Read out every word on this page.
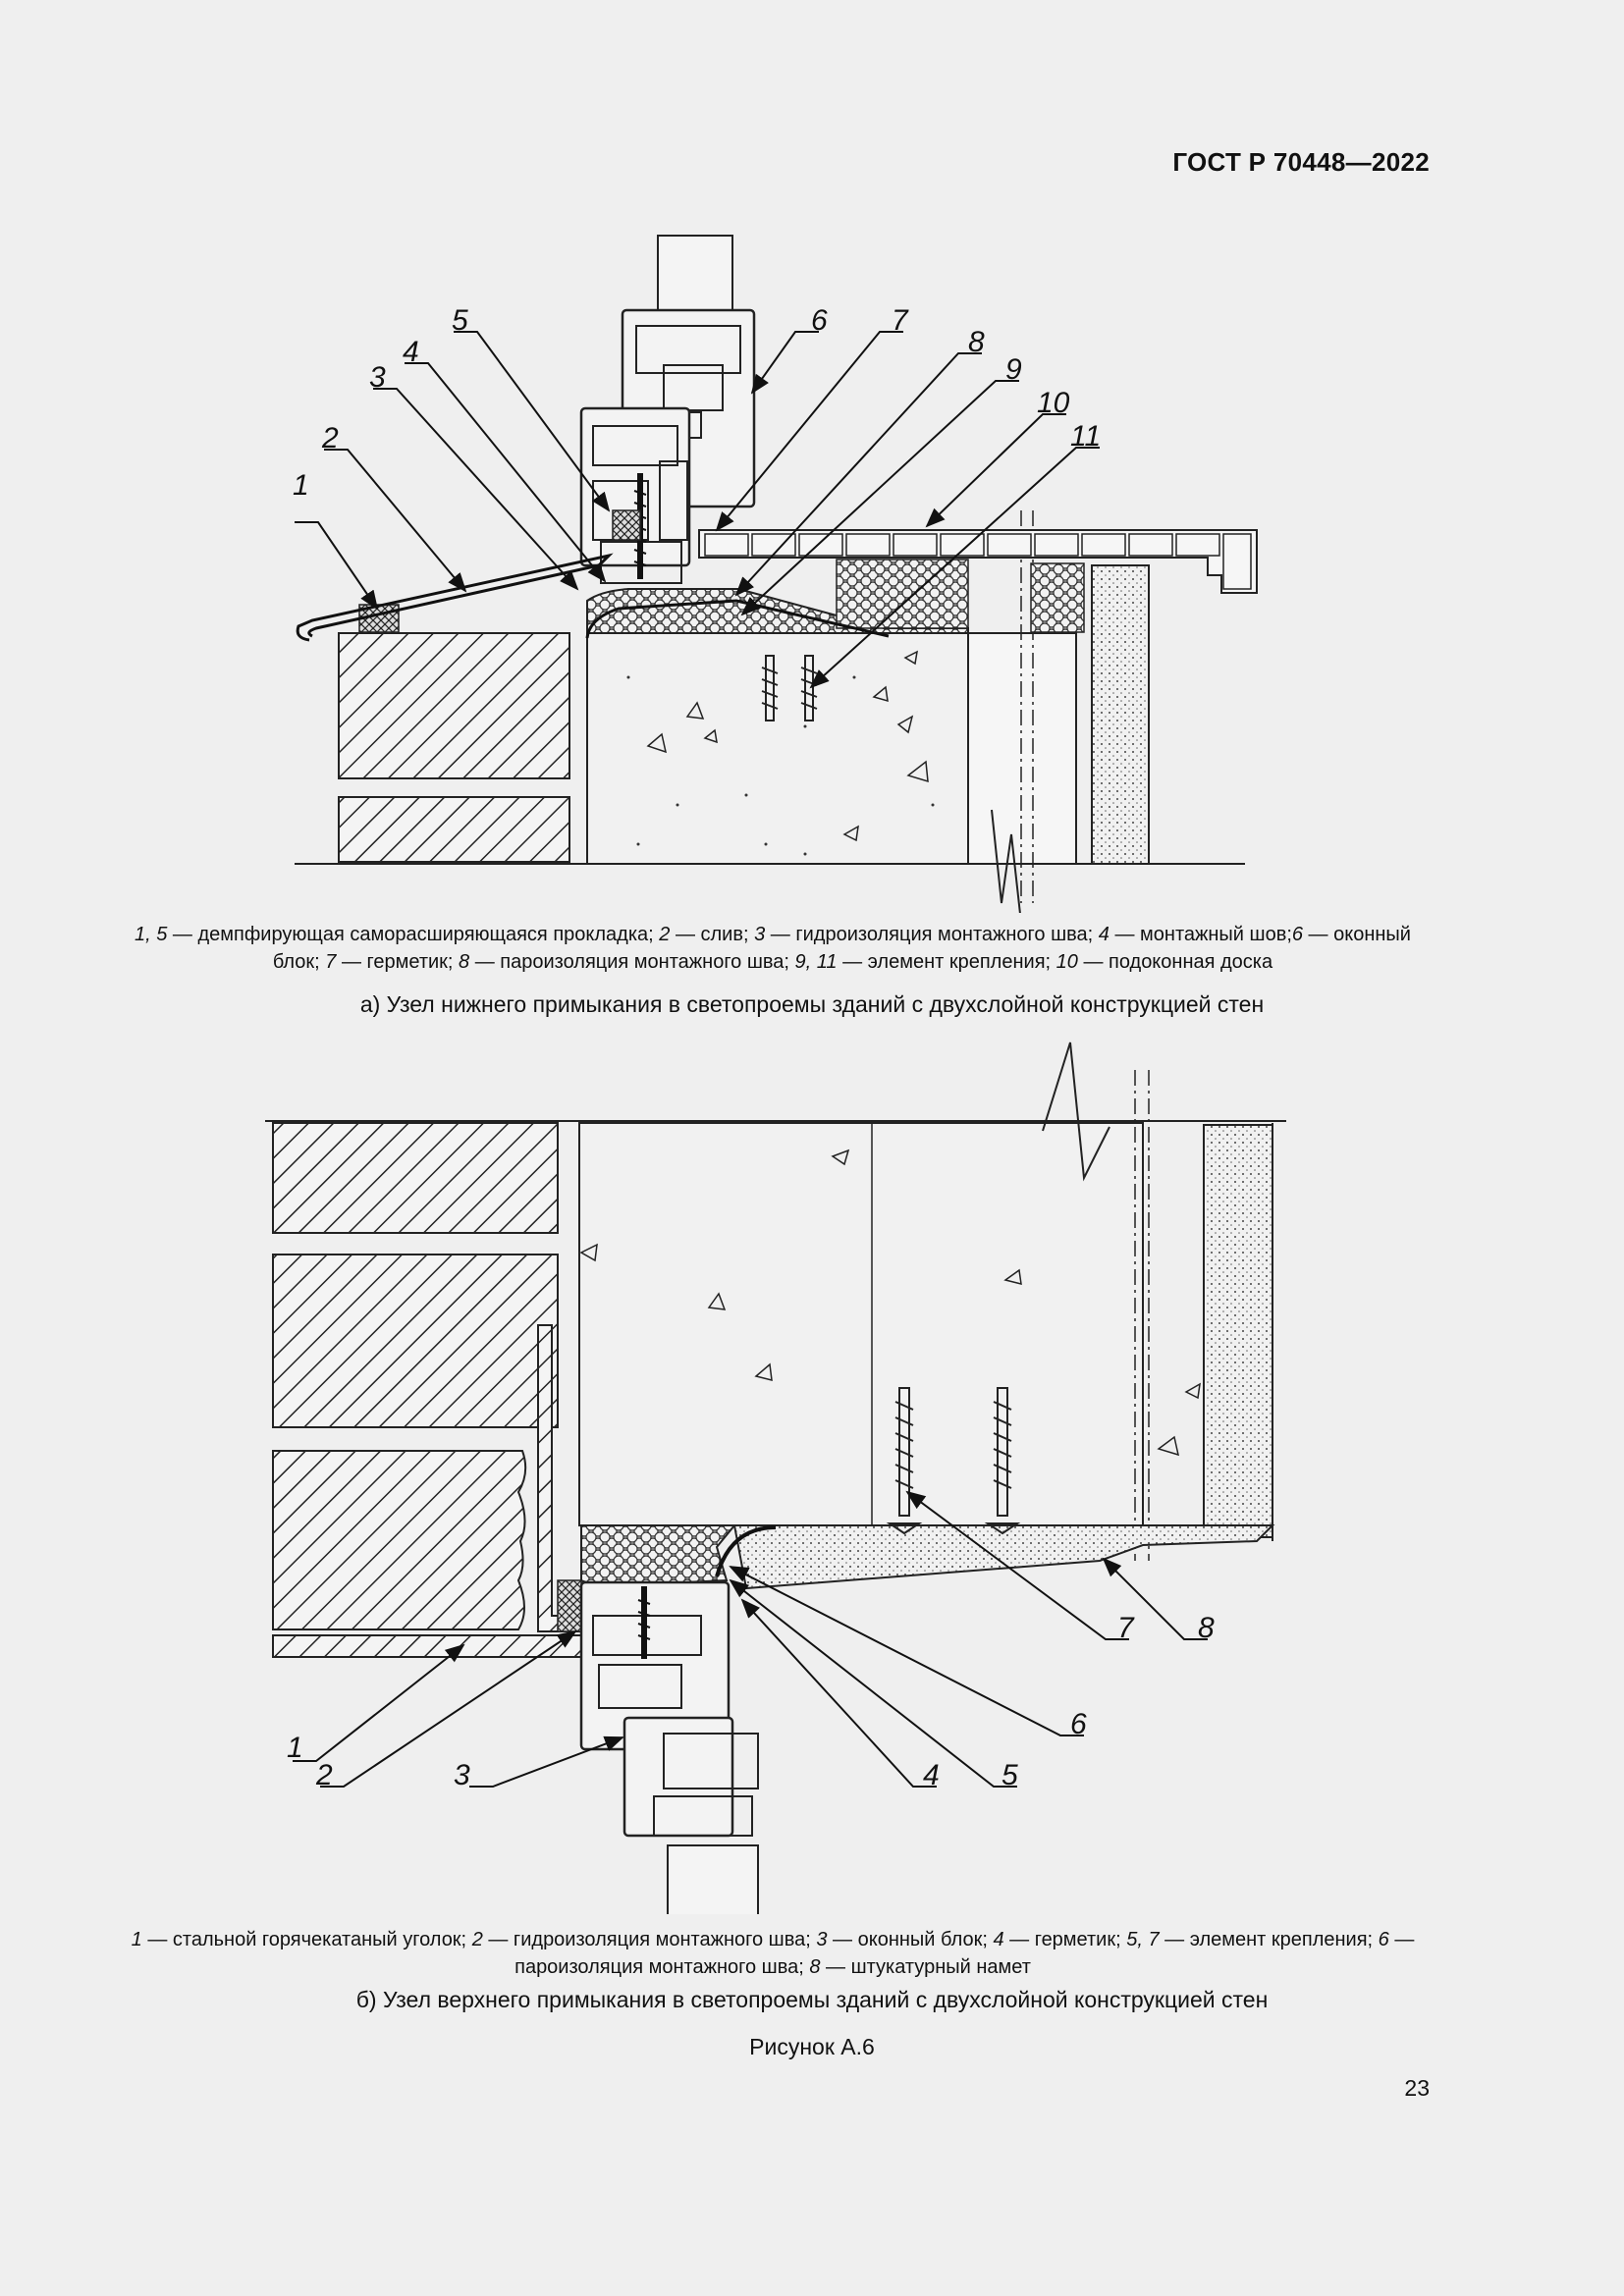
ГОСТ Р 70448—2022
1
2
3
4
5	6 7
8
9
10
11
1, 5 — демпфирующая саморасширяющаяся прокладка; 2 — слив; 3 — гидроизоляция монтажного шва; 4 — монтажный шов;6 — оконный блок; 7 — герметик; 8 — пароизоляция монтажного шва; 9, 11 — элемент крепления; 10 — подоконная доска
а) Узел нижнего примыкания в светопроемы зданий с двухслойной конструкцией стен
1
2	3	4 5
6
7 8
1 — стальной горячекатаный уголок; 2 — гидроизоляция монтажного шва; 3 — оконный блок; 4 — герметик; 5, 7 — элемент крепления; 6 — пароизоляция монтажного шва; 8 — штукатурный намет
б) Узел верхнего примыкания в светопроемы зданий с двухслойной конструкцией стен
Рисунок А.6
23
